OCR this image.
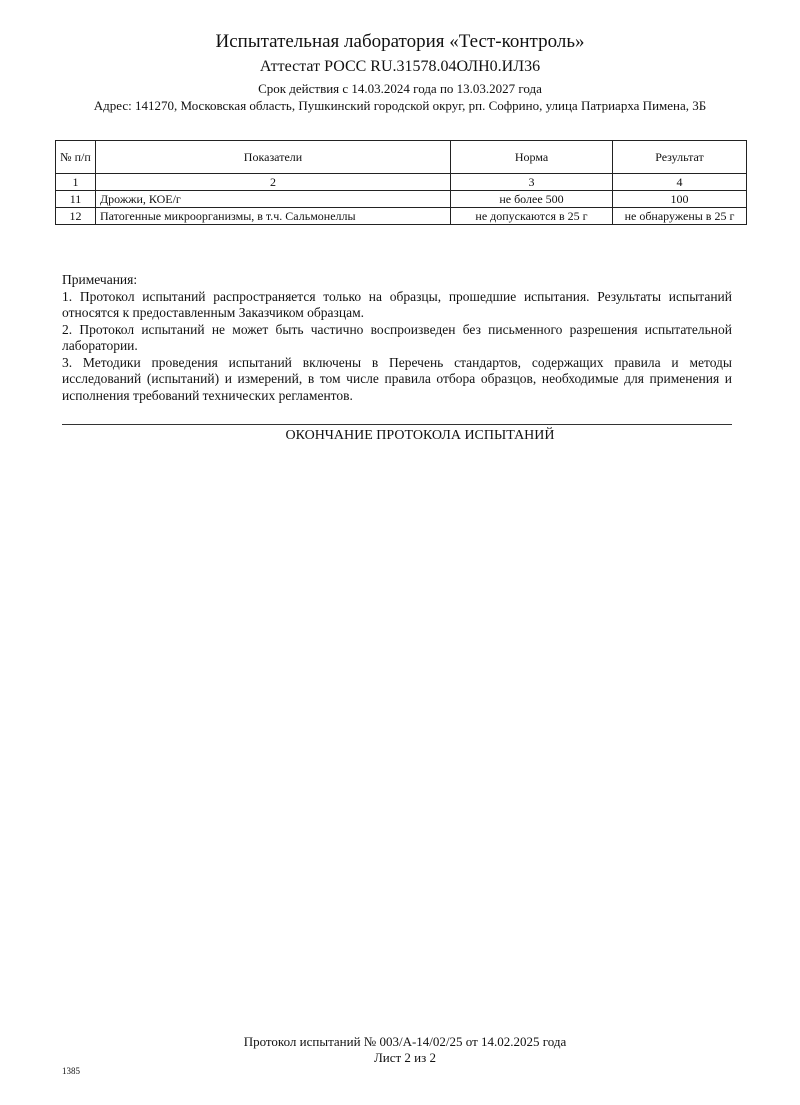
Испытательная лаборатория «Тест-контроль»
Аттестат РОСС RU.31578.04ОЛН0.ИЛ36
Срок действия с 14.03.2024 года по 13.03.2027 года
Адрес: 141270, Московская область, Пушкинский городской округ, рп. Софрино, улица Патриарха Пимена, 3Б
№ п/п	Показатели	Норма	Результат
1	2	3	4
11	Дрожжи, КОЕ/г	не более 500	100
12	Патогенные микроорганизмы, в т.ч. Сальмонеллы	не допускаются в 25 г	не обнаружены в 25 г

Примечания:

1. Протокол испытаний распространяется только на образцы, прошедшие испытания. Результаты испытаний относятся к предоставленным Заказчиком образцам.

2. Протокол испытаний не может быть частично воспроизведен без письменного разрешения испытательной лаборатории.

3. Методики проведения испытаний включены в Перечень стандартов, содержащих правила и методы исследований (испытаний) и измерений, в том числе правила отбора образцов, необходимые для применения и исполнения требований технических регламентов.

ОКОНЧАНИЕ ПРОТОКОЛА ИСПЫТАНИЙ
Протокол испытаний № 003/А-14/02/25 от 14.02.2025 года
Лист 2 из 2
1385
